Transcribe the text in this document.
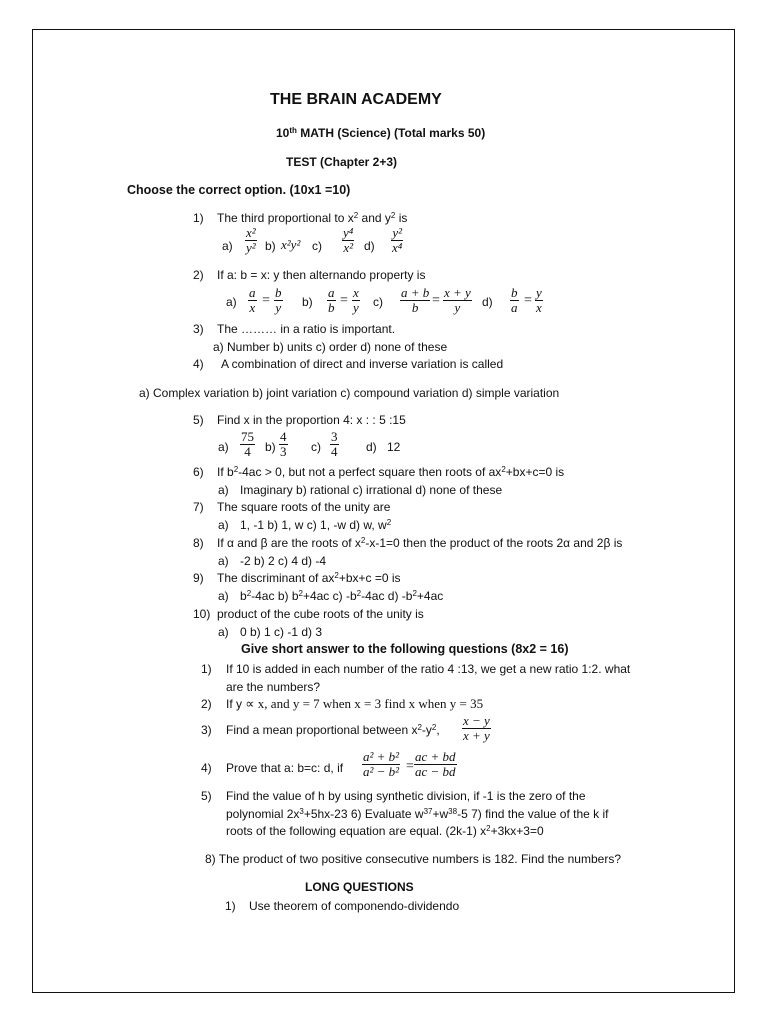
THE BRAIN ACADEMY
10th MATH (Science) (Total marks 50)
TEST (Chapter 2+3)
Choose the correct option. (10x1 =10)
1) The third proportional to $x^2$ and $y^2$ is
$a) \frac{\text{x²}}{\text{y²}} b$) x²y² $c) \frac{\text{y⁴}}{\text{x²}} d) \frac{\text{y²}}{\text{x⁴}}$
2) If a: b = x: y then alternando property is
$a) \frac{a}{x} = \frac{b}{y} b) \frac{a}{b} = \frac{x}{y} c) \frac{a + b}{b} = \frac{x + y}{y} d) \frac{b}{a} = \frac{y}{x}$
3) The ……… in a ratio is important.
a) Number b) units c) order d) none of these
4) A combination of direct and inverse variation is called
a) Complex variation b) joint variation c) compound variation d) simple variation
5) Find x in the proportion 4: x : : 5 :15
$a) \frac{75}{4} b) \frac{4}{3} c) \frac{3}{4} d$) 12
6) If $b^2-4ac > 0$, but not a perfect square then roots of $ax^2+bx+c=0$ is
a) Imaginary b) rational c) irrational d) none of these
7) The square roots of the unity are
a) 1, -1 b) 1, w c) 1, -w d) w, $w^2$
8) If α and β are the roots of $x^2-x-1=0$ then the product of the roots 2α and 2β is
a) -2 b) 2 c) 4 d) -4
9) The discriminant of $ax^2+bx+c =0$ is
a) $b^2-4ac$ b) $b^2+4ac$ c) $-b^2-4ac$ d) $-b^2+4ac$
10) product of the cube roots of the unity is
a) 0 b) 1 c) -1 d) 3
Give short answer to the following questions (8x2 = 16)
1) If 10 is added in each number of the ratio 4 :13, we get a new ratio 1:2. what
are the numbers?
2) If y ∝ x, and y = 7 when x = 3 find x when y = 35
3) Find a mean proportional between $x^2-y^2$, $\frac{x - y}{x + y}$
4) Prove that a: b=c: d, if $\frac{\text{a² + b²}}{\text{a² − b²}} = \frac{ac + bd}{ac - bd}$
5) Find the value of h by using synthetic division, if -1 is the zero of the
polynomial $2x^3+5hx-23$ 6) Evaluate $w^{37}+w^{38}-5$ 7) find the value of the k if
roots of the following equation are equal. (2k-1) $x^2+3kx+3=0$
8) The product of two positive consecutive numbers is 182. Find the numbers?
LONG QUESTIONS
1) Use theorem of componendo-dividendo
